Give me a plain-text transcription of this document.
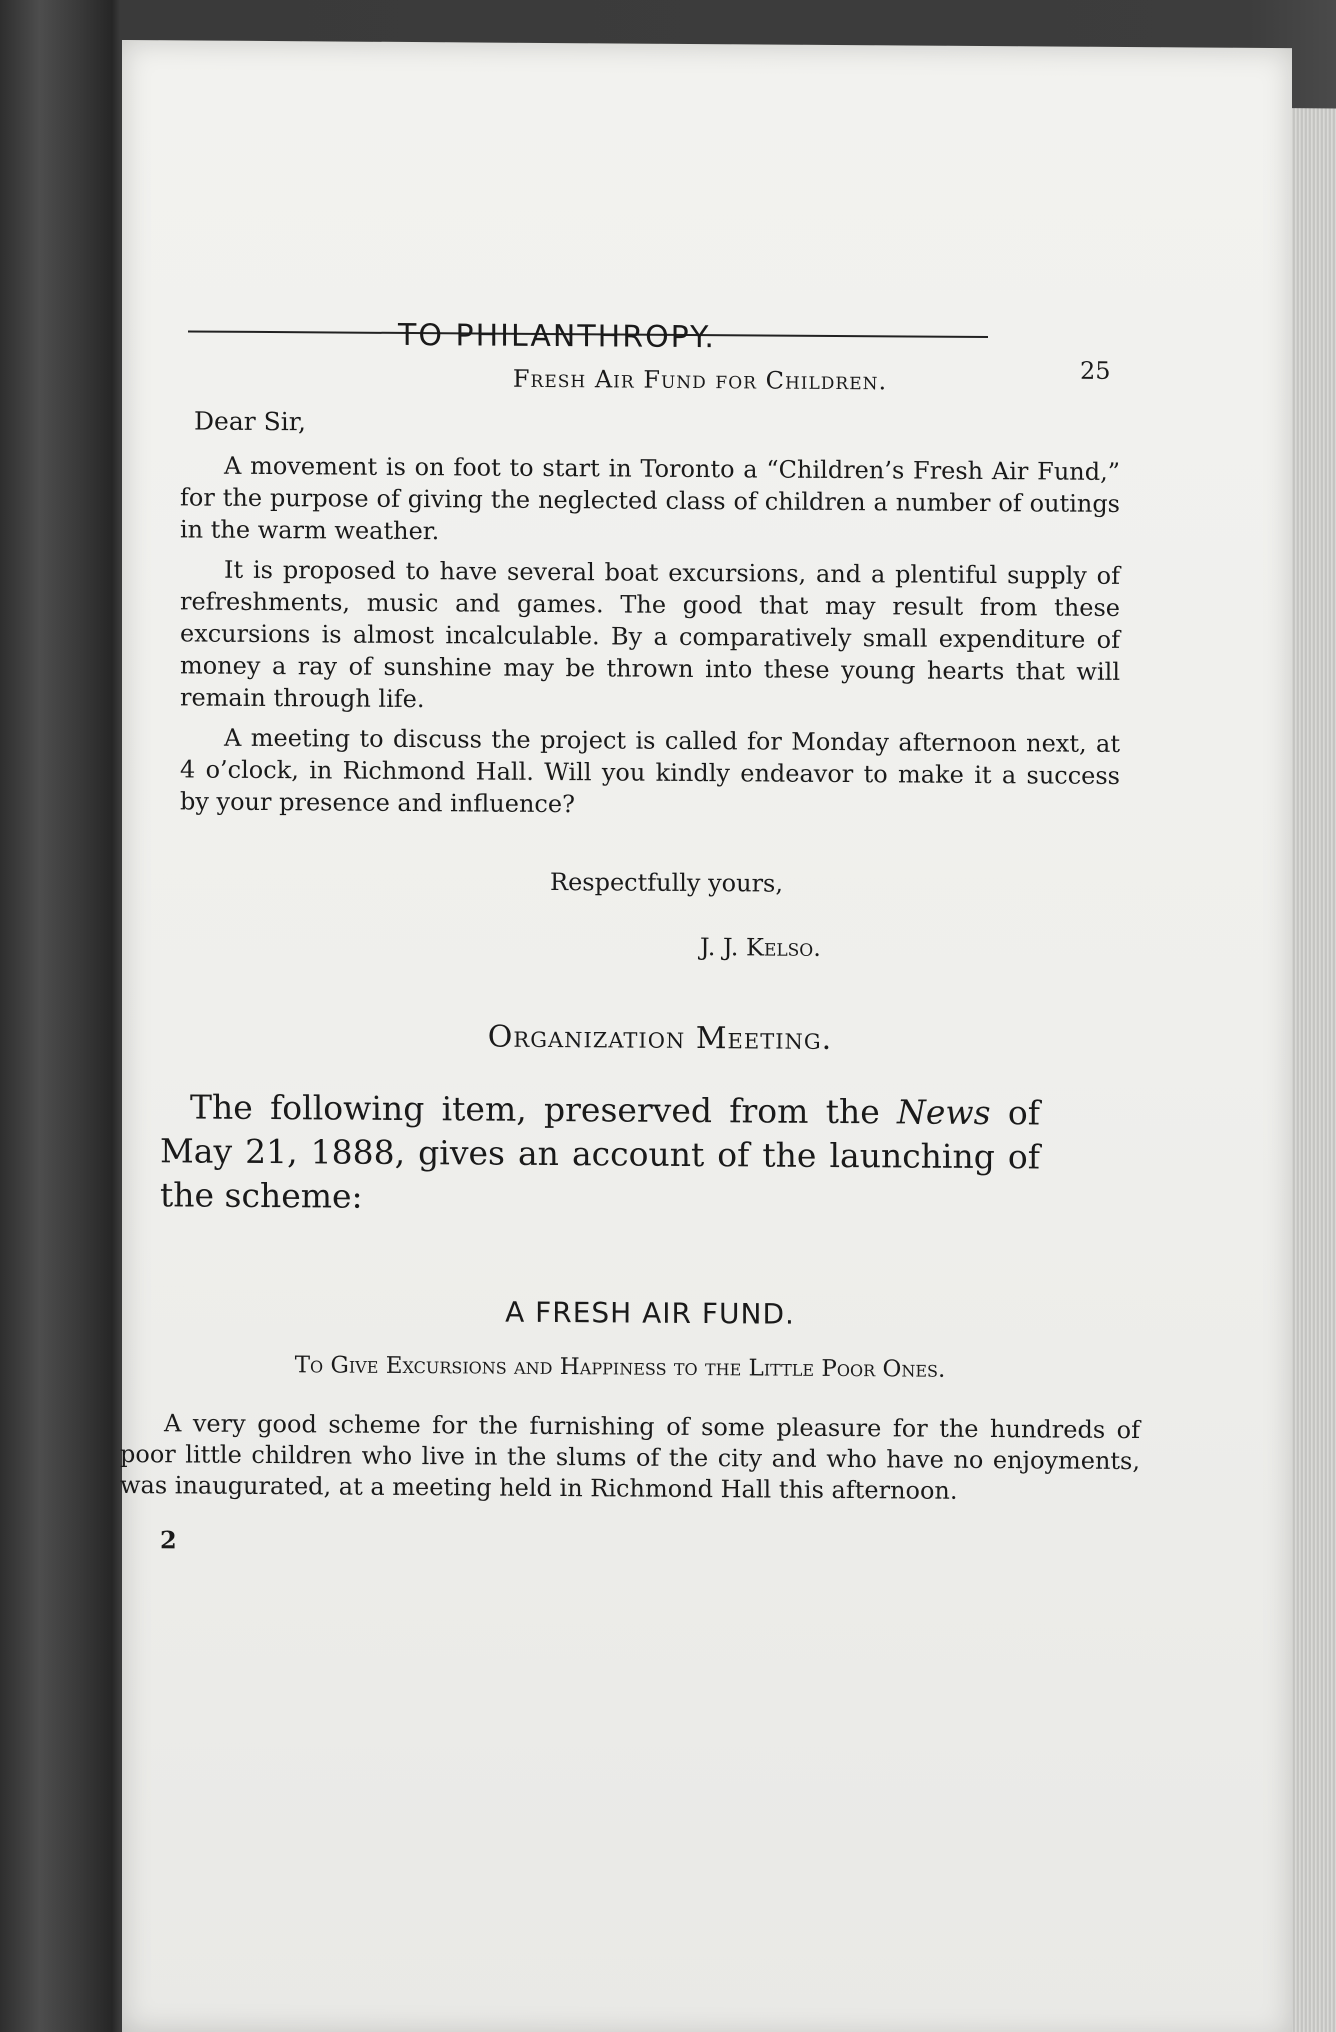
TO PHILANTHROPY.
25
Fresh Air Fund for Children.
Dear Sir,

A movement is on foot to start in Toronto a “Children’s Fresh Air Fund,” for the purpose of giving the neglected class of children a number of outings in the warm weather.

It is proposed to have several boat excursions, and a plentiful supply of refreshments, music and games. The good that may result from these excursions is almost incalculable. By a comparatively small expenditure of money a ray of sunshine may be thrown into these young hearts that will remain through life.

A meeting to discuss the project is called for Monday afternoon next, at 4 o’clock, in Richmond Hall. Will you kindly endeavor to make it a success by your presence and influence?

Respectfully yours,
J. J. Kelso.
Organization Meeting.

The following item, preserved from the News of May 21, 1888, gives an account of the launching of the scheme:

A FRESH AIR FUND.
To Give Excursions and Happiness to the Little Poor Ones.

A very good scheme for the furnishing of some pleasure for the hundreds of poor little children who live in the slums of the city and who have no enjoyments, was inaugurated, at a meeting held in Richmond Hall this afternoon.

2
